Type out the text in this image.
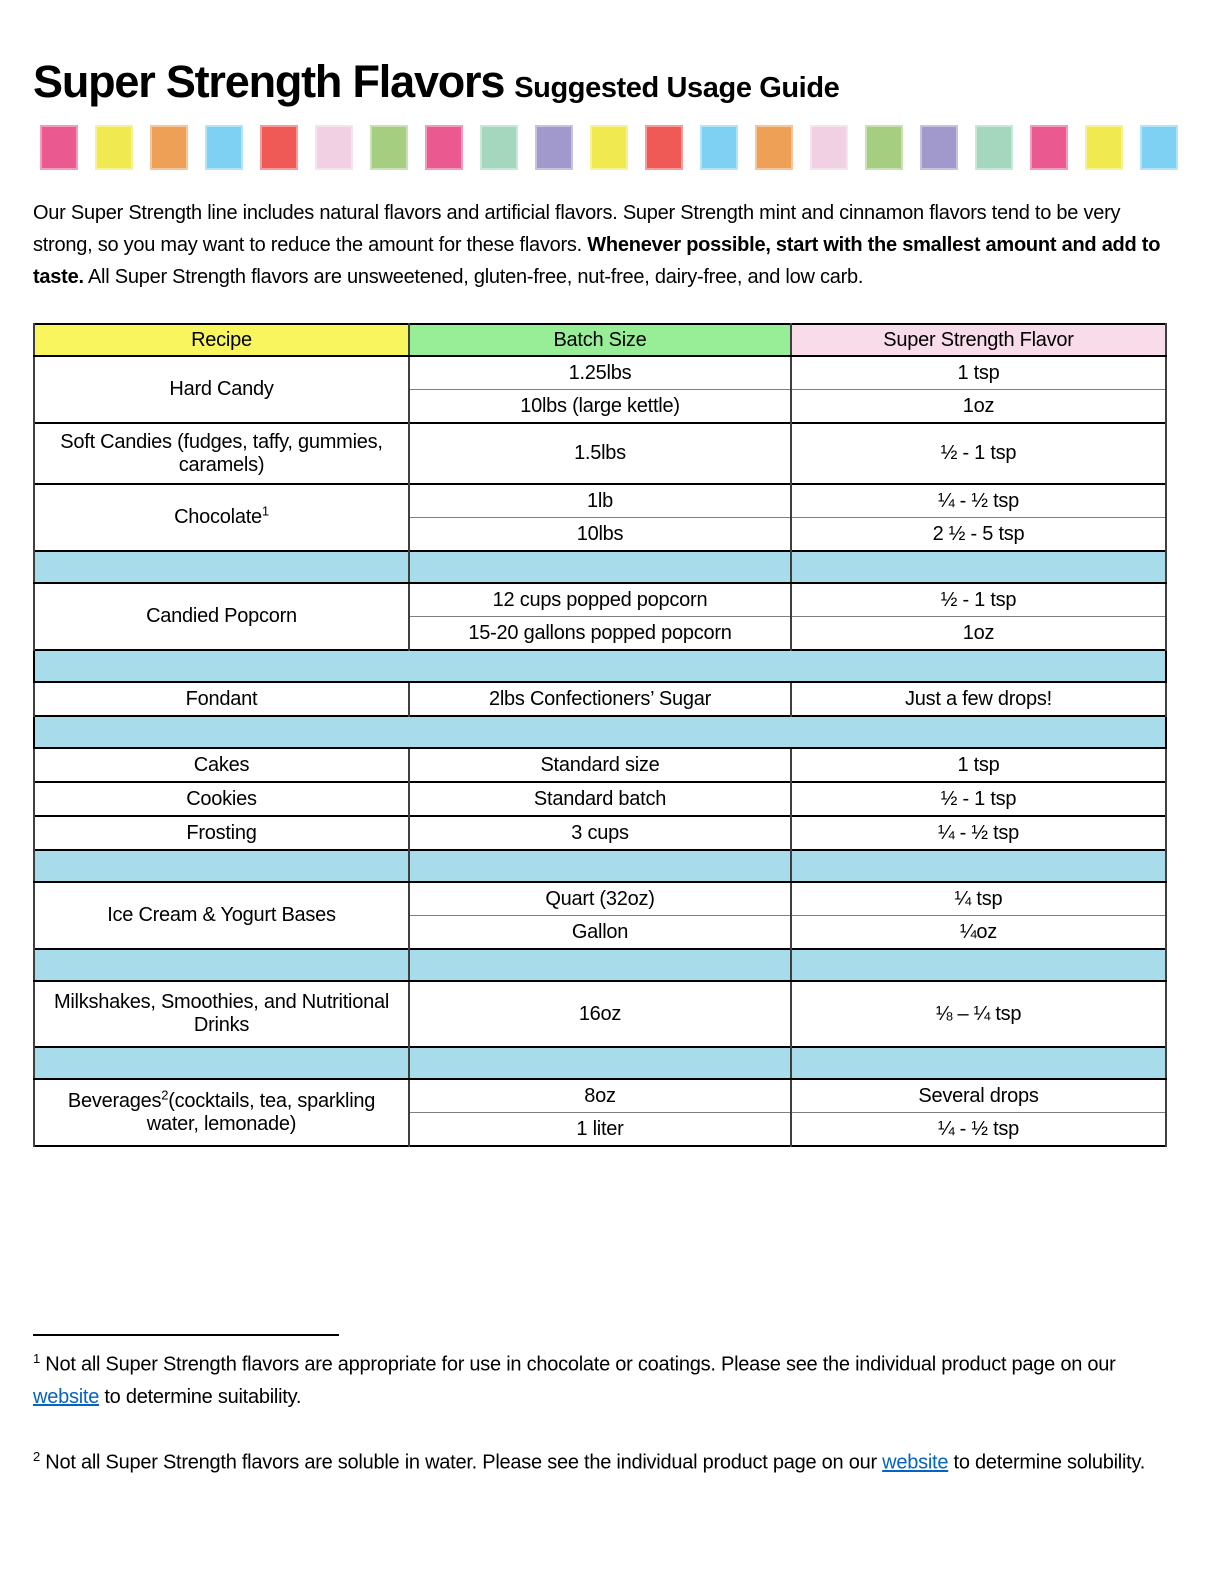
Super Strength Flavors Suggested Usage Guide

Our Super Strength line includes natural flavors and artificial flavors. Super Strength mint and cinnamon flavors tend to be very strong, so you may want to reduce the amount for these flavors. Whenever possible, start with the smallest amount and add to taste. All Super Strength flavors are unsweetened, gluten-free, nut-free, dairy-free, and low carb.

Recipe	Batch Size	Super Strength Flavor
Hard Candy	1.25lbs	1 tsp
	10lbs (large kettle)	1oz
Soft Candies (fudges, taffy, gummies, caramels)	1.5lbs	½ - 1 tsp
Chocolate$^1$	1lb	¼ - ½ tsp
	10lbs	2 ½ - 5 tsp

Candied Popcorn	12 cups popped popcorn	½ - 1 tsp
	15-20 gallons popped popcorn	1oz

Fondant	2lbs Confectioners’ Sugar	Just a few drops!

Cakes	Standard size	1 tsp
Cookies	Standard batch	½ - 1 tsp
Frosting	3 cups	¼ - ½ tsp

Ice Cream & Yogurt Bases	Quart (32oz)	¼ tsp
	Gallon	¼oz

Milkshakes, Smoothies, and Nutritional Drinks	16oz	⅛ – ¼ tsp

Beverages$^2$(cocktails, tea, sparkling water, lemonade)	8oz	Several drops
	1 liter	¼ - ½ tsp
$^1$ Not all Super Strength flavors are appropriate for use in chocolate or coatings. Please see the individual product page on our website to determine suitability.
$^2$ Not all Super Strength flavors are soluble in water. Please see the individual product page on our website to determine solubility.
